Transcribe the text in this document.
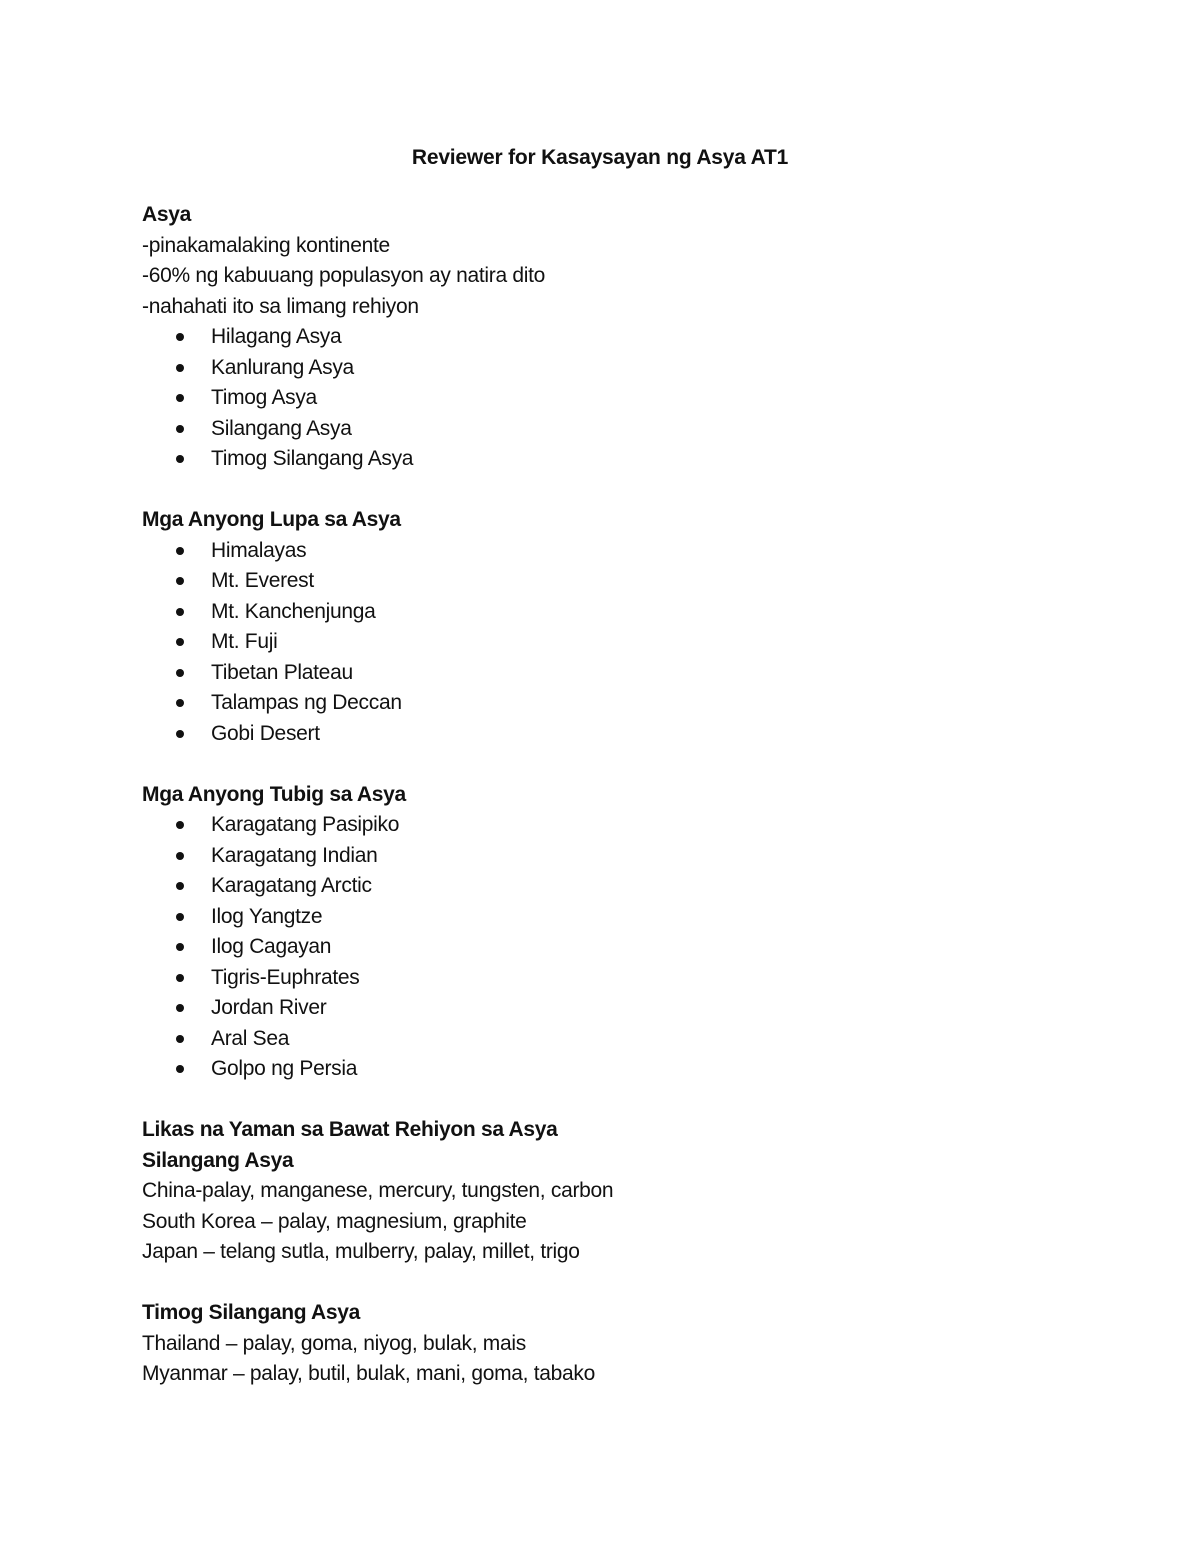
Reviewer for Kasaysayan ng Asya AT1
Asya
-pinakamalaking kontinente
-60% ng kabuuang populasyon ay natira dito
-nahahati ito sa limang rehiyon
Hilagang Asya
Kanlurang Asya
Timog Asya
Silangang Asya
Timog Silangang Asya
Mga Anyong Lupa sa Asya
Himalayas
Mt. Everest
Mt. Kanchenjunga
Mt. Fuji
Tibetan Plateau
Talampas ng Deccan
Gobi Desert
Mga Anyong Tubig sa Asya
Karagatang Pasipiko
Karagatang Indian
Karagatang Arctic
Ilog Yangtze
Ilog Cagayan
Tigris-Euphrates
Jordan River
Aral Sea
Golpo ng Persia
Likas na Yaman sa Bawat Rehiyon sa Asya
Silangang Asya
China-palay, manganese, mercury, tungsten, carbon
South Korea – palay, magnesium, graphite
Japan – telang sutla, mulberry, palay, millet, trigo
Timog Silangang Asya
Thailand – palay, goma, niyog, bulak, mais
Myanmar – palay, butil, bulak, mani, goma, tabako
